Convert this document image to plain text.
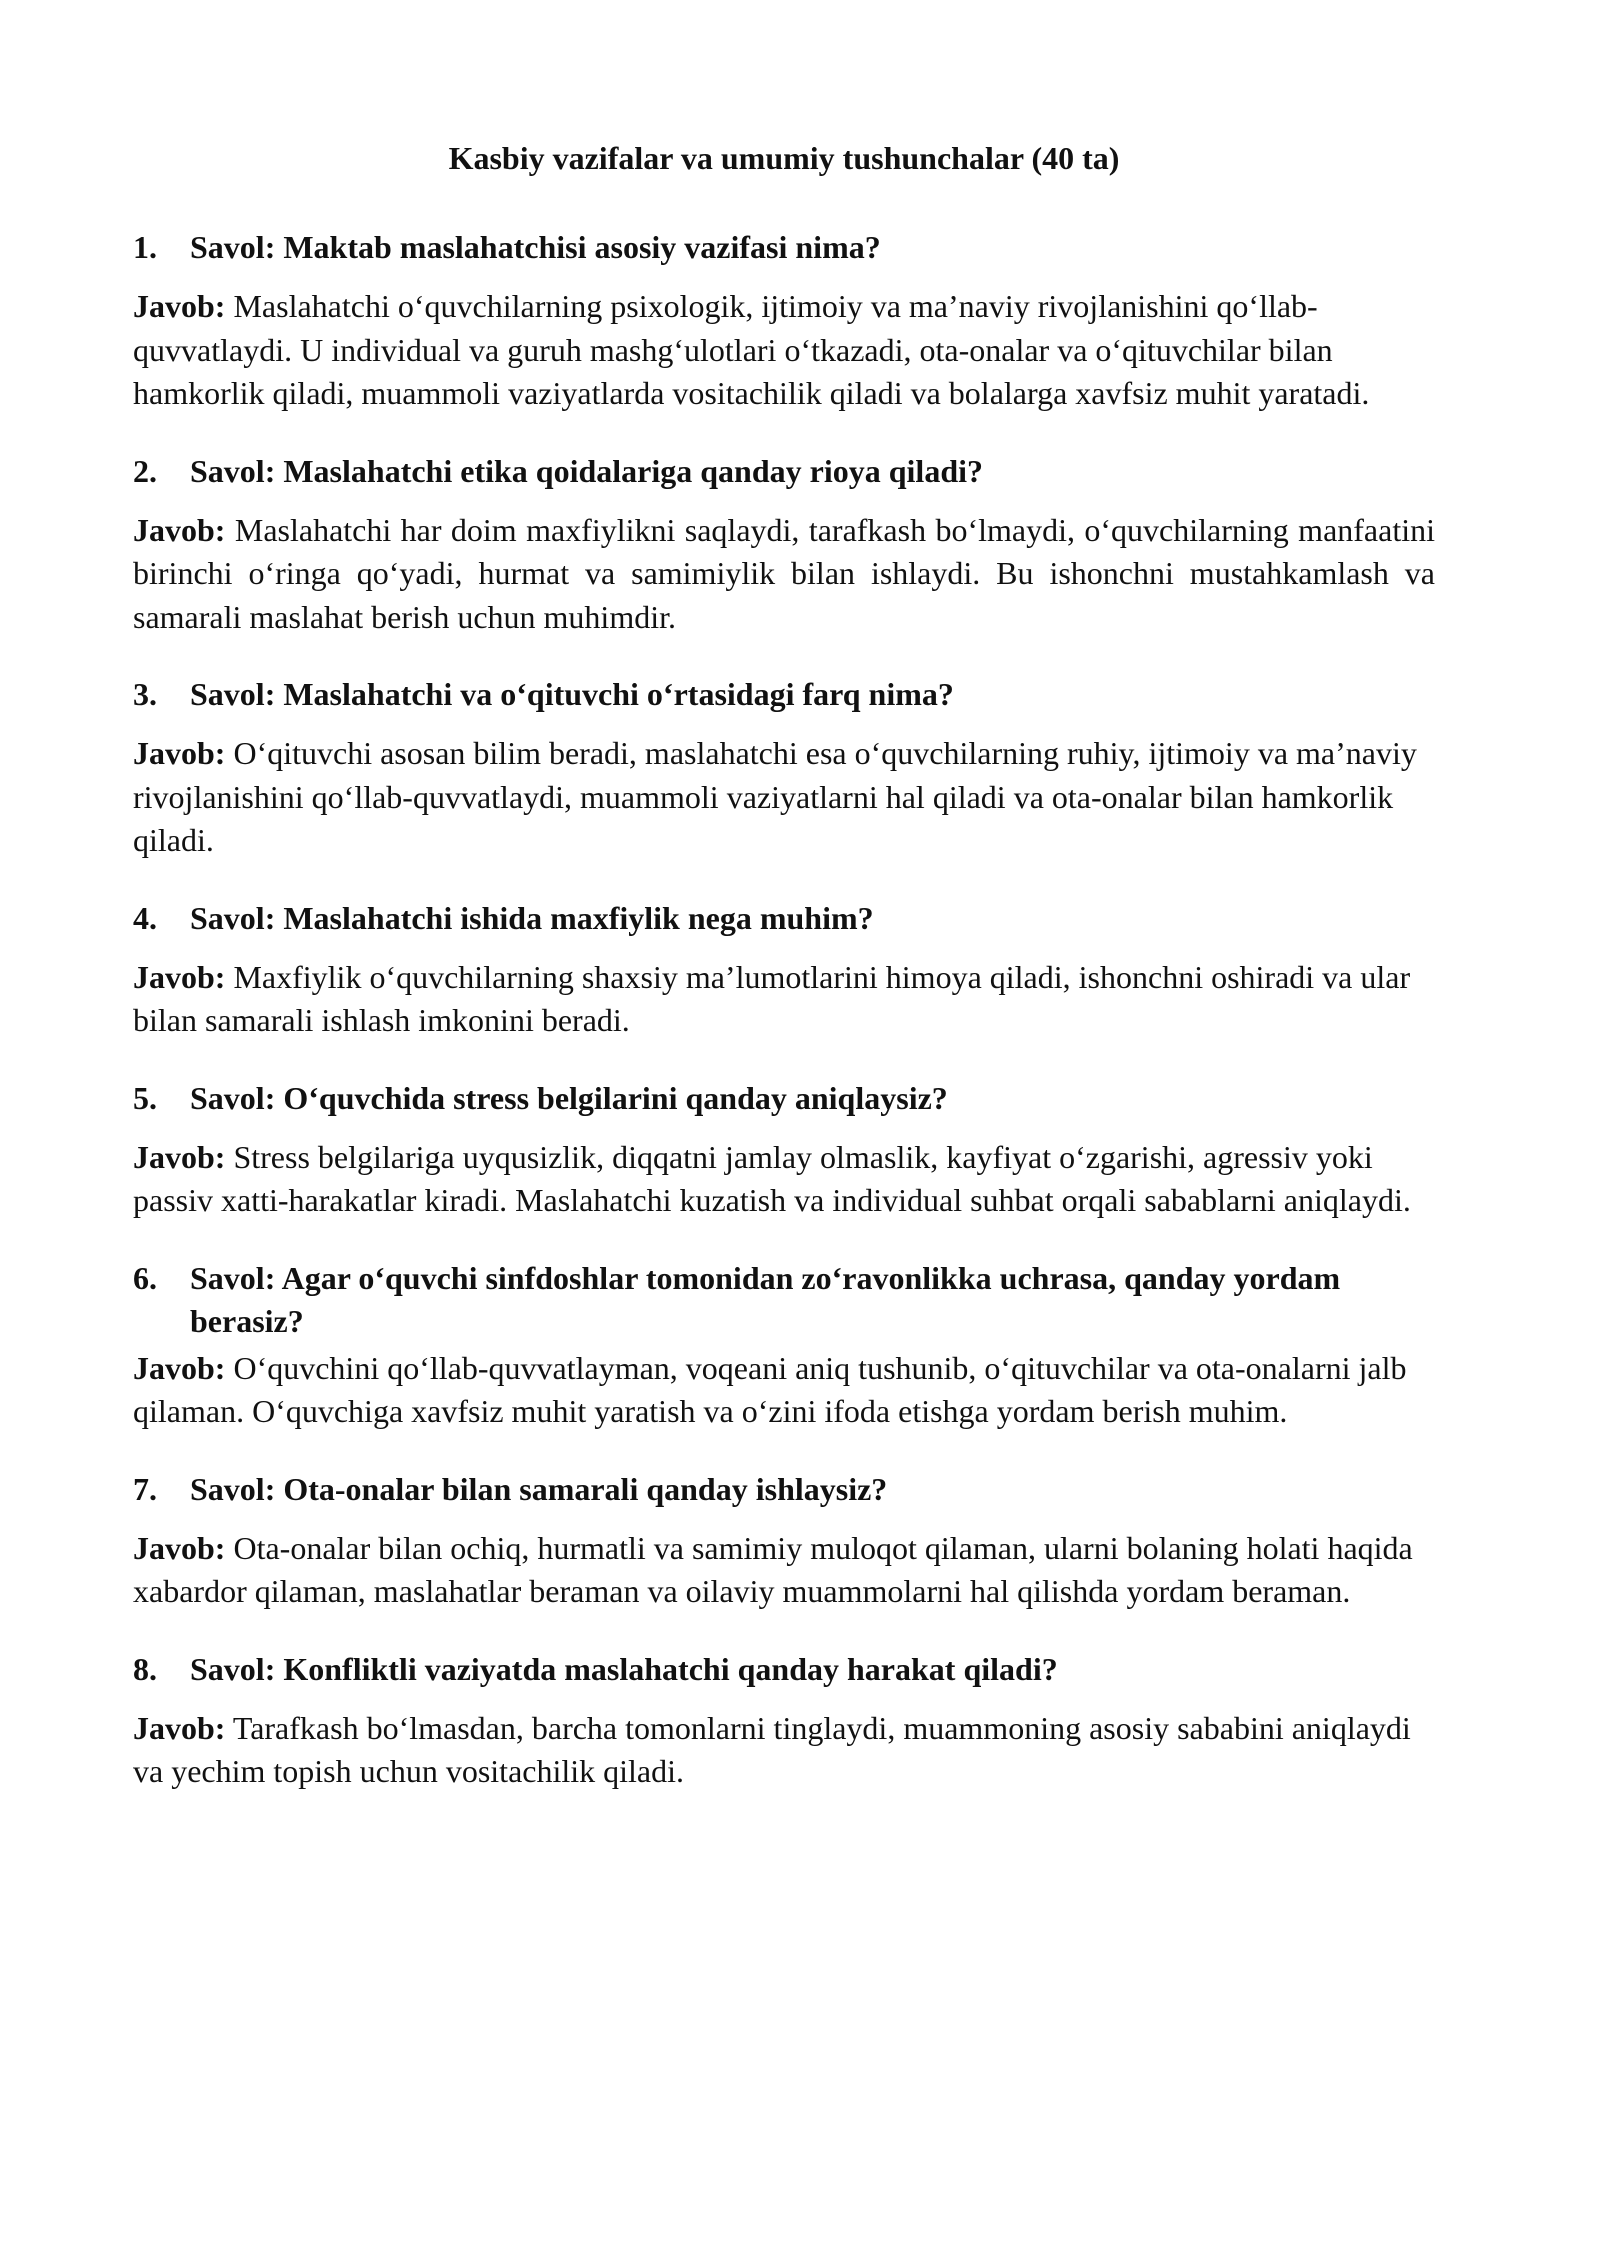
Kasbiy vazifalar va umumiy tushunchalar (40 ta)
1.	Savol: Maktab maslahatchisi asosiy vazifasi nima?

Javob: Maslahatchi o‘quvchilarning psixologik, ijtimoiy va ma’naviy rivojlanishini qo‘llab-quvvatlaydi. U individual va guruh mashg‘ulotlari o‘tkazadi, ota-onalar va o‘qituvchilar bilan hamkorlik qiladi, muammoli vaziyatlarda vositachilik qiladi va bolalarga xavfsiz muhit yaratadi.

2.	Savol: Maslahatchi etika qoidalariga qanday rioya qiladi?

Javob: Maslahatchi har doim maxfiylikni saqlaydi, tarafkash bo‘lmaydi, o‘quvchilarning manfaatini birinchi o‘ringa qo‘yadi, hurmat va samimiylik bilan ishlaydi. Bu ishonchni mustahkamlash va samarali maslahat berish uchun muhimdir.

3.	Savol: Maslahatchi va o‘qituvchi o‘rtasidagi farq nima?

Javob: O‘qituvchi asosan bilim beradi, maslahatchi esa o‘quvchilarning ruhiy, ijtimoiy va ma’naviy rivojlanishini qo‘llab-quvvatlaydi, muammoli vaziyatlarni hal qiladi va ota-onalar bilan hamkorlik qiladi.

4.	Savol: Maslahatchi ishida maxfiylik nega muhim?

Javob: Maxfiylik o‘quvchilarning shaxsiy ma’lumotlarini himoya qiladi, ishonchni oshiradi va ular bilan samarali ishlash imkonini beradi.

5.	Savol: O‘quvchida stress belgilarini qanday aniqlaysiz?

Javob: Stress belgilariga uyqusizlik, diqqatni jamlay olmaslik, kayfiyat o‘zgarishi, agressiv yoki passiv xatti-harakatlar kiradi. Maslahatchi kuzatish va individual suhbat orqali sabablarni aniqlaydi.

6.	Savol: Agar o‘quvchi sinfdoshlar tomonidan zo‘ravonlikka uchrasa, qanday yordam berasiz?

Javob: O‘quvchini qo‘llab-quvvatlayman, voqeani aniq tushunib, o‘qituvchilar va ota-onalarni jalb qilaman. O‘quvchiga xavfsiz muhit yaratish va o‘zini ifoda etishga yordam berish muhim.

7.	Savol: Ota-onalar bilan samarali qanday ishlaysiz?

Javob: Ota-onalar bilan ochiq, hurmatli va samimiy muloqot qilaman, ularni bolaning holati haqida xabardor qilaman, maslahatlar beraman va oilaviy muammolarni hal qilishda yordam beraman.

8.	Savol: Konfliktli vaziyatda maslahatchi qanday harakat qiladi?

Javob: Tarafkash bo‘lmasdan, barcha tomonlarni tinglaydi, muammoning asosiy sababini aniqlaydi va yechim topish uchun vositachilik qiladi.
